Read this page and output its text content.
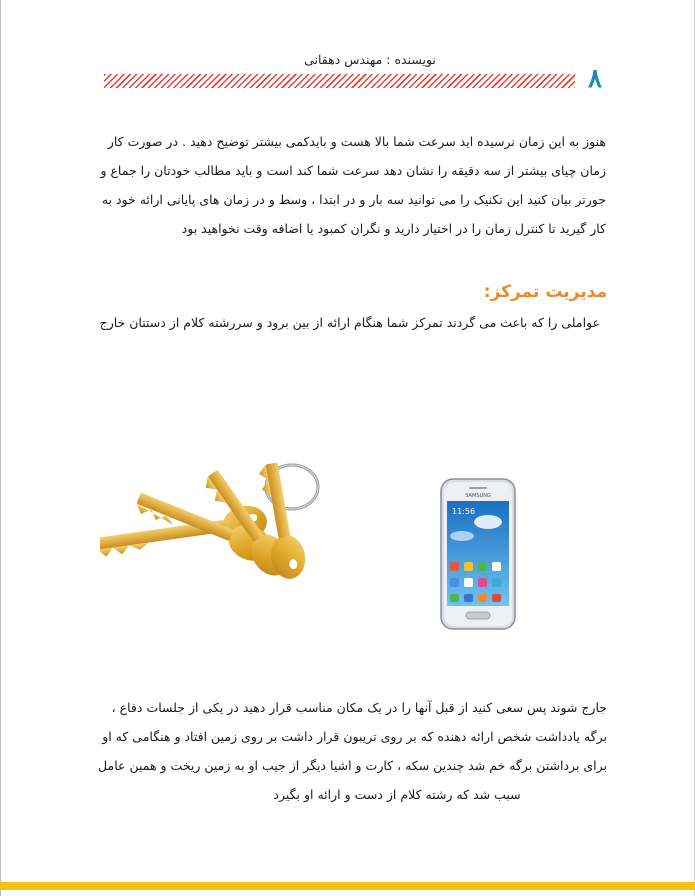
نویسنده : مهندس دهقانی
۸
هنوز به این زمان نرسیده اید سرعت شما بالا هست و بایدکمی بیشتر توضیح دهید . در صورت کار
زمان چیای بیشتر از سه دقیقه را نشان دهد سرعت شما کند است و باید مطالب خودتان را جماع و
جورتر بیان کنید این تکنیک را می توانید سه بار و در ابتدا ، وسط و در زمان های پایانی ارائه خود به
کار گیرید تا کنترل زمان را در اختیار دارید و نگران کمبود یا اضافه وقت نخواهید بود
مدیریت تمرکز:
عواملی را که باعث می گردند تمرکز شما هنگام ارائه از بین برود و سررشته کلام از دستتان خارج
SAMSUNG
11:56
جارج شوند پس سعی کنید از قبل آنها را در یک مکان مناسب قرار دهید در یکی از جلسات دفاع ،
برگه یادداشت شخص ارائه دهنده که بر روی تریبون قرار داشت بر روی زمین افتاد و هنگامی که او
برای برداشتن برگه خم شد چندین سکه ، کارت و اشیا دیگر از جیب او به زمین ریخت و همین عامل
سبب شد که رشته کلام از دست و ارائه او بگیرد
